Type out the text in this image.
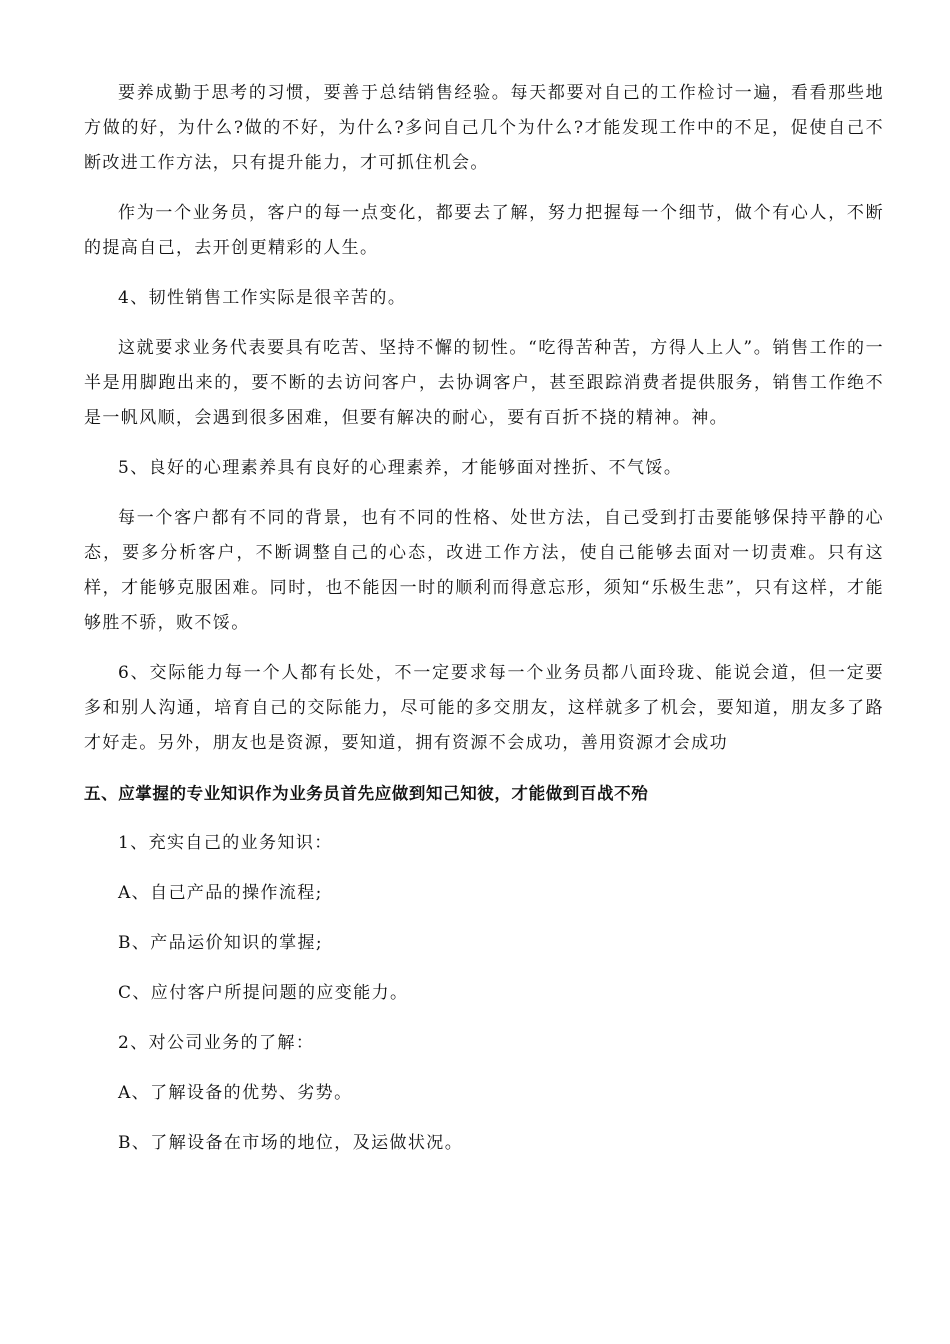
要养成勤于思考的习惯，要善于总结销售经验。每天都要对自己的工作检讨一遍，看看那些地方做的好，为什么?做的不好，为什么?多问自己几个为什么?才能发现工作中的不足，促使自己不断改进工作方法，只有提升能力，才可抓住机会。

作为一个业务员，客户的每一点变化，都要去了解，努力把握每一个细节，做个有心人，不断的提高自己，去开创更精彩的人生。

4、韧性销售工作实际是很辛苦的。

这就要求业务代表要具有吃苦、坚持不懈的韧性。“吃得苦种苦，方得人上人”。销售工作的一半是用脚跑出来的，要不断的去访问客户，去协调客户，甚至跟踪消费者提供服务，销售工作绝不是一帆风顺，会遇到很多困难，但要有解决的耐心，要有百折不挠的精神。神。

5、良好的心理素养具有良好的心理素养，才能够面对挫折、不气馁。

每一个客户都有不同的背景，也有不同的性格、处世方法，自己受到打击要能够保持平静的心态，要多分析客户，不断调整自己的心态，改进工作方法，使自己能够去面对一切责难。只有这样，才能够克服困难。同时，也不能因一时的顺利而得意忘形，须知“乐极生悲”，只有这样，才能够胜不骄，败不馁。

6、交际能力每一个人都有长处，不一定要求每一个业务员都八面玲珑、能说会道，但一定要多和别人沟通，培育自己的交际能力，尽可能的多交朋友，这样就多了机会，要知道，朋友多了路才好走。另外，朋友也是资源，要知道，拥有资源不会成功，善用资源才会成功

五、应掌握的专业知识作为业务员首先应做到知己知彼，才能做到百战不殆

1、充实自己的业务知识：

A、自己产品的操作流程;

B、产品运价知识的掌握;

C、应付客户所提问题的应变能力。

2、对公司业务的了解：

A、了解设备的优势、劣势。

B、了解设备在市场的地位，及运做状况。
